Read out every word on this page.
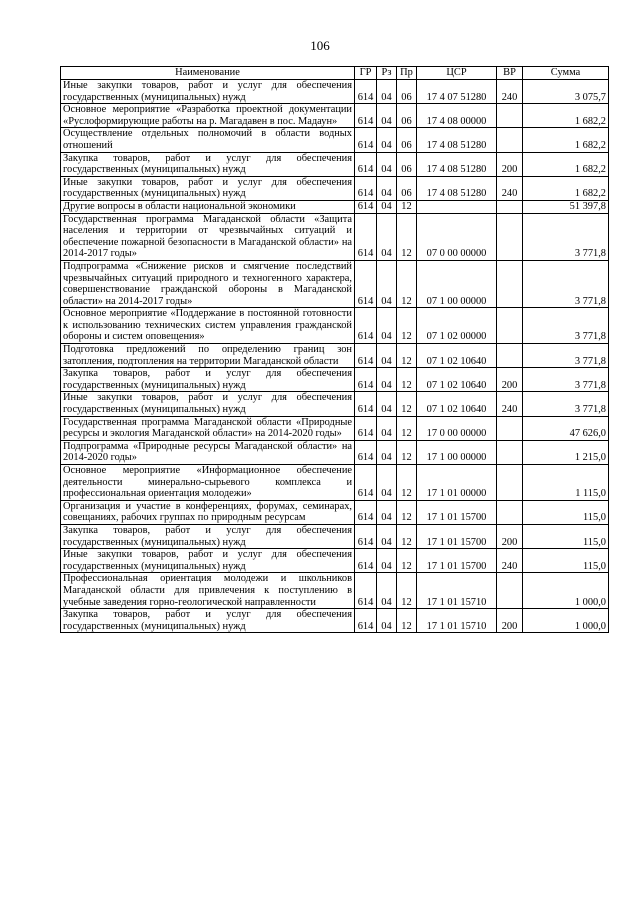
106
Наименование	ГР	Рз	Пр	ЦСР	ВР	Сумма
Иные закупки товаров, работ и услуг для обеспечения государственных (муниципальных) нужд	614	04	06	17 4 07 51280	240	3 075,7
Основное мероприятие «Разработка проектной документации «Руслоформирующие работы на р. Магадавен в пос. Мадаун»	614	04	06	17 4 08 00000		1 682,2
Осуществление отдельных полномочий в области водных отношений	614	04	06	17 4 08 51280		1 682,2
Закупка товаров, работ и услуг для обеспечения государственных (муниципальных) нужд	614	04	06	17 4 08 51280	200	1 682,2
Иные закупки товаров, работ и услуг для обеспечения государственных (муниципальных) нужд	614	04	06	17 4 08 51280	240	1 682,2
Другие вопросы в области национальной экономики	614	04	12			51 397,8
Государственная программа Магаданской области «Защита населения и территории от чрезвычайных ситуаций и обеспечение пожарной безопасности в Магаданской области» на 2014-2017 годы»	614	04	12	07 0 00 00000		3 771,8
Подпрограмма «Снижение рисков и смягчение последствий чрезвычайных ситуаций природного и техногенного характера, совершенствование гражданской обороны в Магаданской области» на 2014-2017 годы»	614	04	12	07 1 00 00000		3 771,8
Основное мероприятие «Поддержание в постоянной готовности к использованию технических систем управления гражданской обороны и систем оповещения»	614	04	12	07 1 02 00000		3 771,8
Подготовка предложений по определению границ зон затопления, подтопления на территории Магаданской области	614	04	12	07 1 02 10640		3 771,8
Закупка товаров, работ и услуг для обеспечения государственных (муниципальных) нужд	614	04	12	07 1 02 10640	200	3 771,8
Иные закупки товаров, работ и услуг для обеспечения государственных (муниципальных) нужд	614	04	12	07 1 02 10640	240	3 771,8
Государственная программа Магаданской области «Природные ресурсы и экология Магаданской области» на 2014-2020 годы»	614	04	12	17 0 00 00000		47 626,0
Подпрограмма «Природные ресурсы Магаданской области» на 2014-2020 годы»	614	04	12	17 1 00 00000		1 215,0
Основное мероприятие «Информационное обеспечение деятельности минерально-сырьевого комплекса и профессиональная ориентация молодежи»	614	04	12	17 1 01 00000		1 115,0
Организация и участие в конференциях, форумах, семинарах, совещаниях, рабочих группах по природным ресурсам	614	04	12	17 1 01 15700		115,0
Закупка товаров, работ и услуг для обеспечения государственных (муниципальных) нужд	614	04	12	17 1 01 15700	200	115,0
Иные закупки товаров, работ и услуг для обеспечения государственных (муниципальных) нужд	614	04	12	17 1 01 15700	240	115,0
Профессиональная ориентация молодежи и школьников Магаданской области для привлечения к поступлению в учебные заведения горно-геологической направленности	614	04	12	17 1 01 15710		1 000,0
Закупка товаров, работ и услуг для обеспечения государственных (муниципальных) нужд	614	04	12	17 1 01 15710	200	1 000,0
